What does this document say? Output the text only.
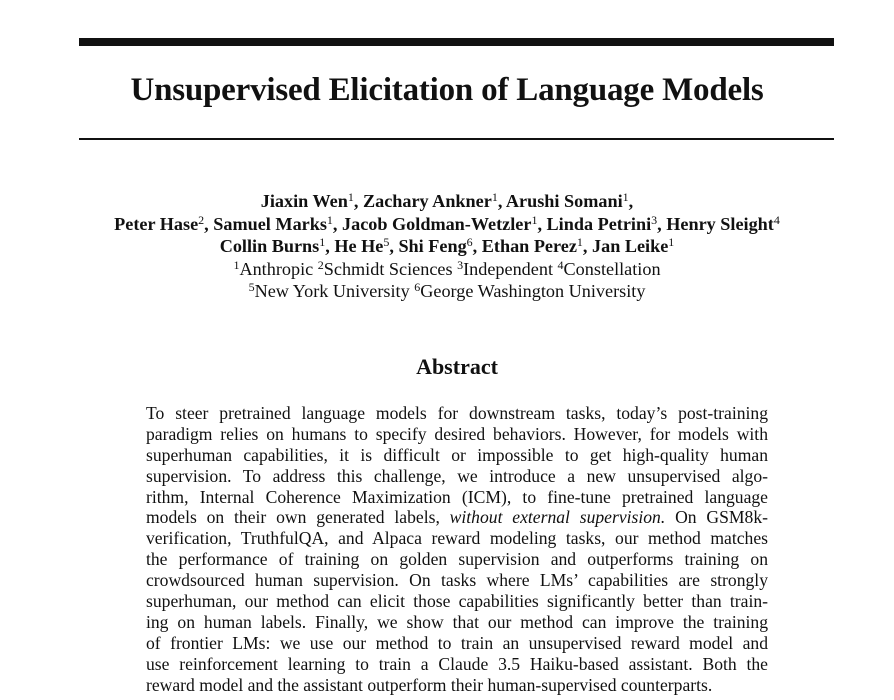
Unsupervised Elicitation of Language Models
Jiaxin Wen$^1$, Zachary Ankner$^1$, Arushi Somani$^1$,
Peter Hase$^2$, Samuel Marks$^1$, Jacob Goldman-Wetzler$^1$, Linda Petrini$^3$, Henry Sleight$^4$
Collin Burns$^1$, He He$^5$, Shi Feng$^6$, Ethan Perez$^1$, Jan Leike$^1$
$^1$Anthropic $^2$Schmidt Sciences $^3$Independent $^4$Constellation
$^5$New York University $^6$George Washington University
Abstract
To steer pretrained language models for downstream tasks, today’s post-training
paradigm relies on humans to specify desired behaviors. However, for models with
superhuman capabilities, it is difficult or impossible to get high-quality human
supervision. To address this challenge, we introduce a new unsupervised algo-
rithm, Internal Coherence Maximization (ICM), to fine-tune pretrained language
models on their own generated labels, without external supervision. On GSM8k-
verification, TruthfulQA, and Alpaca reward modeling tasks, our method matches
the performance of training on golden supervision and outperforms training on
crowdsourced human supervision. On tasks where LMs’ capabilities are strongly
superhuman, our method can elicit those capabilities significantly better than train-
ing on human labels. Finally, we show that our method can improve the training
of frontier LMs: we use our method to train an unsupervised reward model and
use reinforcement learning to train a Claude 3.5 Haiku-based assistant. Both the
reward model and the assistant outperform their human-supervised counterparts.
